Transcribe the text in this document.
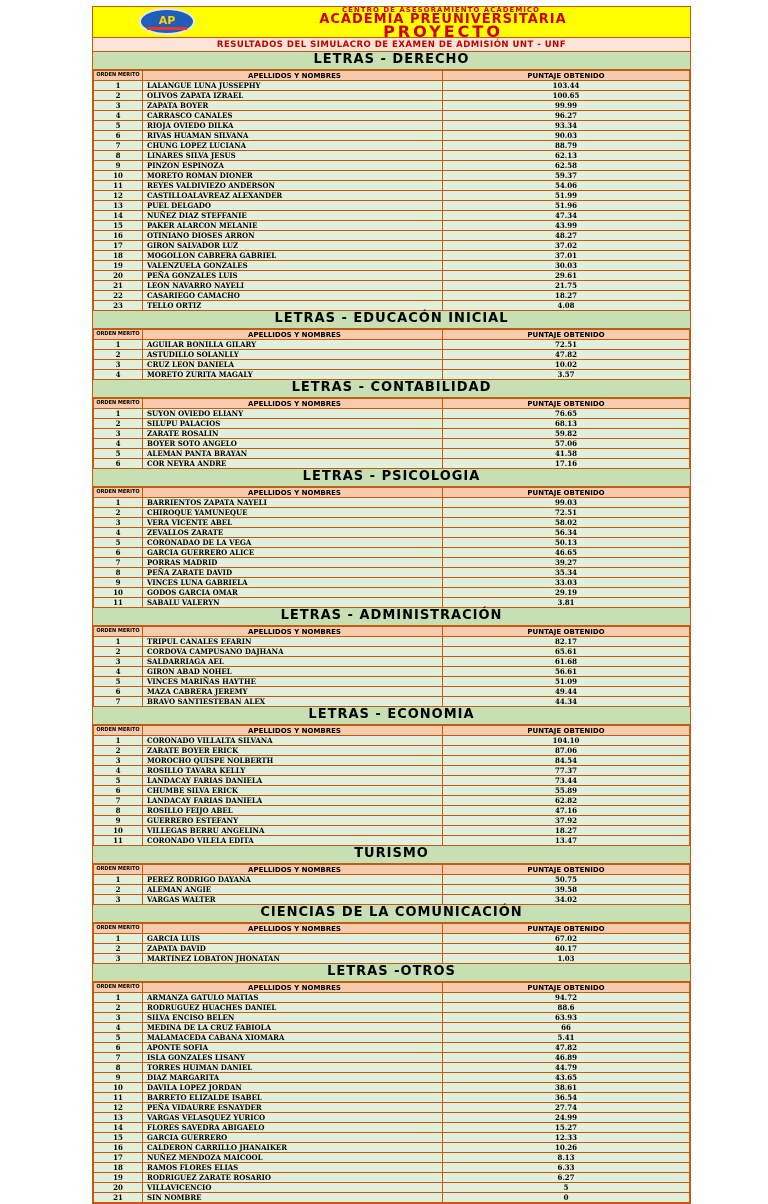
AP
CENTRO DE ASESORAMIENTO ACADEMICO
ACADEMIA PREUNIVERSITARIA
PROYECTO
RESULTADOS DEL SIMULACRO DE EXAMEN DE ADMISIÓN UNT - UNF
LETRAS - DERECHO
ORDEN MERITO	APELLIDOS Y NOMBRES	PUNTAJE OBTENIDO
1	LALANGUE LUNA JUSSEPHY	103.44
2	OLIVOS ZAPATA IZRAEL	100.65
3	ZAPATA BOYER	99.99
4	CARRASCO CANALES	96.27
5	RIOJA OVIEDO DILKA	93.34
6	RIVAS HUAMAN SILVANA	90.03
7	CHUNG LOPEZ LUCIANA	88.79
8	LINARES SILVA JESUS	62.13
9	PINZON ESPINOZA	62.58
10	MORETO ROMAN DIONER	59.37
11	REYES VALDIVIEZO ANDERSON	54.06
12	CASTILLOALAVREAZ ALEXANDER	51.99
13	PUEL DELGADO	51.96
14	NUÑEZ DIAZ STEFFANIE	47.34
15	PAKER ALARCON MELANIE	43.99
16	OTINIANO DIOSES ARRON	48.27
17	GIRON SALVADOR LUZ	37.02
18	MOGOLLON CABRERA GABRIEL	37.01
19	VALENZUELA GONZALES	30.03
20	PEÑA GONZALES LUIS	29.61
21	LEON NAVARRO NAYELI	21.75
22	CASARIEGO CAMACHO	18.27
23	TELLO ORTIZ	4.08
LETRAS - EDUCACÓN INICIAL
ORDEN MERITO	APELLIDOS Y NOMBRES	PUNTAJE OBTENIDO
1	AGUILAR BONILLA GILARY	72.51
2	ASTUDILLO SOLANLLY	47.82
3	CRUZ LEON DANIELA	10.02
4	MORETO ZURITA MAGALY	3.57
LETRAS - CONTABILIDAD
ORDEN MERITO	APELLIDOS Y NOMBRES	PUNTAJE OBTENIDO
1	SUYON OVIEDO ELIANY	76.65
2	SILUPU PALACIOS	68.13
3	ZARATE ROSALIN	59.82
4	BOYER SOTO ANGELO	57.06
5	ALEMAN PANTA BRAYAN	41.58
6	COR NEYRA ANDRE	17.16
LETRAS - PSICOLOGIA
ORDEN MERITO	APELLIDOS Y NOMBRES	PUNTAJE OBTENIDO
1	BARRIENTOS ZAPATA NAYELI	99.03
2	CHIROQUE YAMUNEQUE	72.51
3	VERA VICENTE ABEL	58.02
4	ZEVALLOS ZARATE	56.34
5	CORONADAO DE LA VEGA	50.13
6	GARCIA GUERRERO ALICE	46.65
7	PORRAS MADRID	39.27
8	PEÑA ZARATE DAVID	35.34
9	VINCES LUNA GABRIELA	33.03
10	GODOS GARCIA OMAR	29.19
11	SABALU VALERYN	3.81
LETRAS - ADMINISTRACIÓN
ORDEN MERITO	APELLIDOS Y NOMBRES	PUNTAJE OBTENIDO
1	TRIPUL CANALES EFARIN	82.17
2	CORDOVA CAMPUSANO DAJHANA	65.61
3	SALDARRIAGA AEL	61.68
4	GIRON ABAD NOHEL	56.61
5	VINCES MARIÑAS HAYTHE	51.09
6	MAZA CABRERA JEREMY	49.44
7	BRAVO SANTIESTEBAN ALEX	44.34
LETRAS - ECONOMIA
ORDEN MERITO	APELLIDOS Y NOMBRES	PUNTAJE OBTENIDO
1	CORONADO VILLALTA SILVANA	104.10
2	ZARATE BOYER ERICK	87.06
3	MOROCHO QUISPE NOLBERTH	84.54
4	ROSILLO TAVARA KELLY	77.37
5	LANDACAY FARIAS DANIELA	73.44
6	CHUMBE SILVA ERICK	55.89
7	LANDACAY FARIAS DANIELA	62.82
8	ROSILLO FEIJO ABEL	47.16
9	GUERRERO ESTEFANY	37.92
10	VILLEGAS BERRU ANGELINA	18.27
11	CORONADO VILELA EDITA	13.47
TURISMO
ORDEN MERITO	APELLIDOS Y NOMBRES	PUNTAJE OBTENIDO
1	PEREZ RODRIGO DAYANA	50.75
2	ALEMAN ANGIE	39.58
3	VARGAS WALTER	34.02
CIENCIAS DE LA COMUNICACIÓN
ORDEN MERITO	APELLIDOS Y NOMBRES	PUNTAJE OBTENIDO
1	GARCIA LUIS	67.02
2	ZAPATA DAVID	40.17
3	MARTINEZ LOBATON JHONATAN	1.03
LETRAS -OTROS
ORDEN MERITO	APELLIDOS Y NOMBRES	PUNTAJE OBTENIDO
1	ARMANZA GATULO MATIAS	94.72
2	RODRUGUEZ HUACHES DANIEL	88.6
3	SILVA ENCISO BELEN	63.93
4	MEDINA DE LA CRUZ FABIOLA	66
5	MALAMACEDA CABANA XIOMARA	5.41
6	APONTE SOFIA	47.82
7	ISLA GONZALES LISANY	46.89
8	TORRES HUIMAN DANIEL	44.79
9	DIAZ MARGARITA	43.65
10	DAVILA LOPEZ JORDAN	38.61
11	BARRETO ELIZALDE ISABEL	36.54
12	PEÑA VIDAURRE ESNAYDER	27.74
13	VARGAS VELASQUEZ YURICO	24.99
14	FLORES SAVEDRA ABIGAELO	15.27
15	GARCIA GUERRERO	12.33
16	CALDERON CARRILLO JHANAIKER	10.26
17	NUÑEZ MENDOZA MAICOOL	8.13
18	RAMOS FLORES ELIAS	6.33
19	RODRIGUEZ ZARATE ROSARIO	6.27
20	VILLAVICENCIO	5
21	SIN NOMBRE	0
